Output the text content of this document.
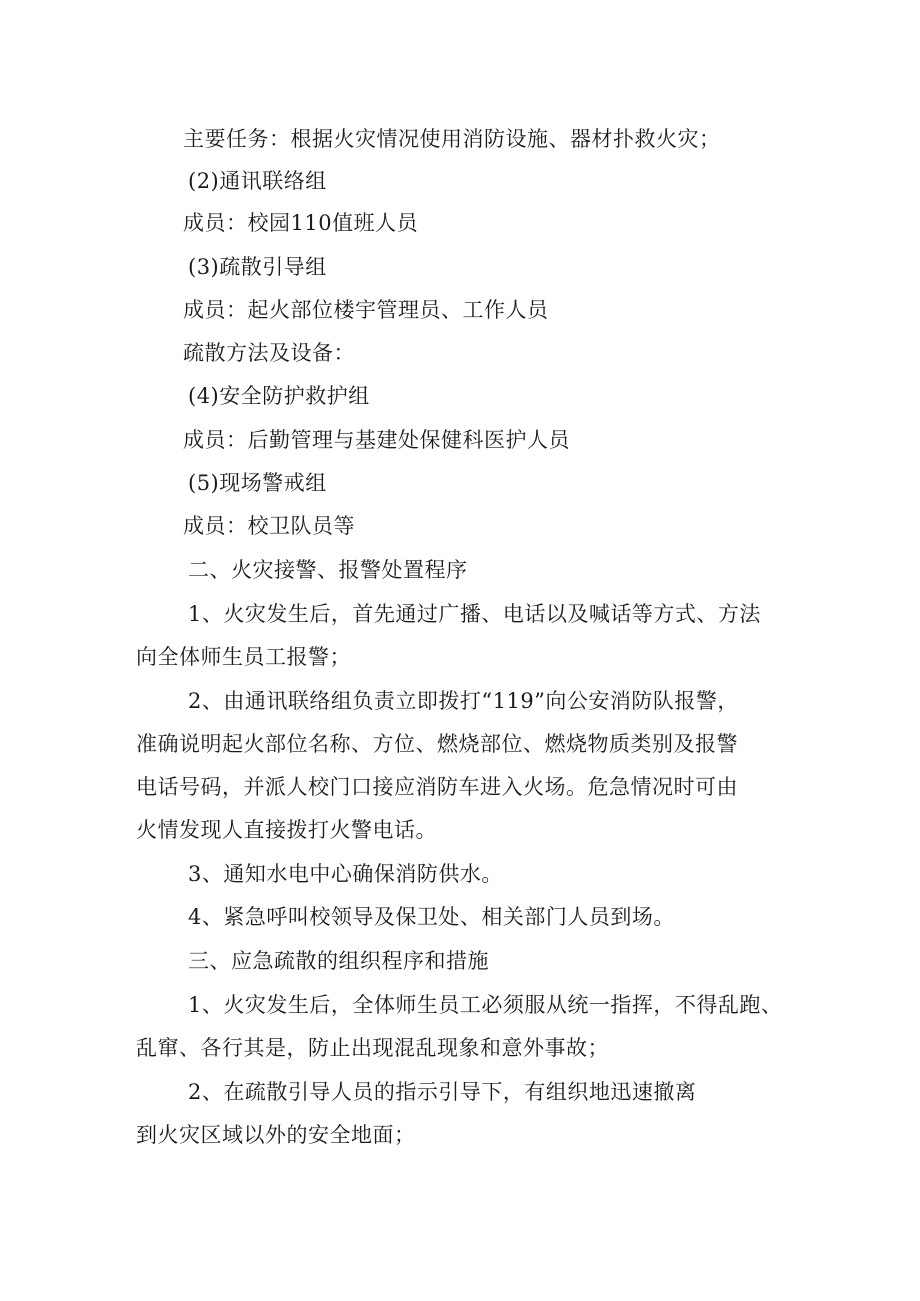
主要任务：根据火灾情况使用消防设施、器材扑救火灾；
(2)通讯联络组
成员：校园110值班人员
(3)疏散引导组
成员：起火部位楼宇管理员、工作人员
疏散方法及设备：
(4)安全防护救护组
成员：后勤管理与基建处保健科医护人员
(5)现场警戒组
成员：校卫队员等
二、火灾接警、报警处置程序
1、火灾发生后，首先通过广播、电话以及喊话等方式、方法
向全体师生员工报警；
2、由通讯联络组负责立即拨打“119”向公安消防队报警，
准确说明起火部位名称、方位、燃烧部位、燃烧物质类别及报警
电话号码，并派人校门口接应消防车进入火场。危急情况时可由
火情发现人直接拨打火警电话。
3、通知水电中心确保消防供水。
4、紧急呼叫校领导及保卫处、相关部门人员到场。
三、应急疏散的组织程序和措施
1、火灾发生后，全体师生员工必须服从统一指挥，不得乱跑、
乱窜、各行其是，防止出现混乱现象和意外事故；
2、在疏散引导人员的指示引导下，有组织地迅速撤离
到火灾区域以外的安全地面；
